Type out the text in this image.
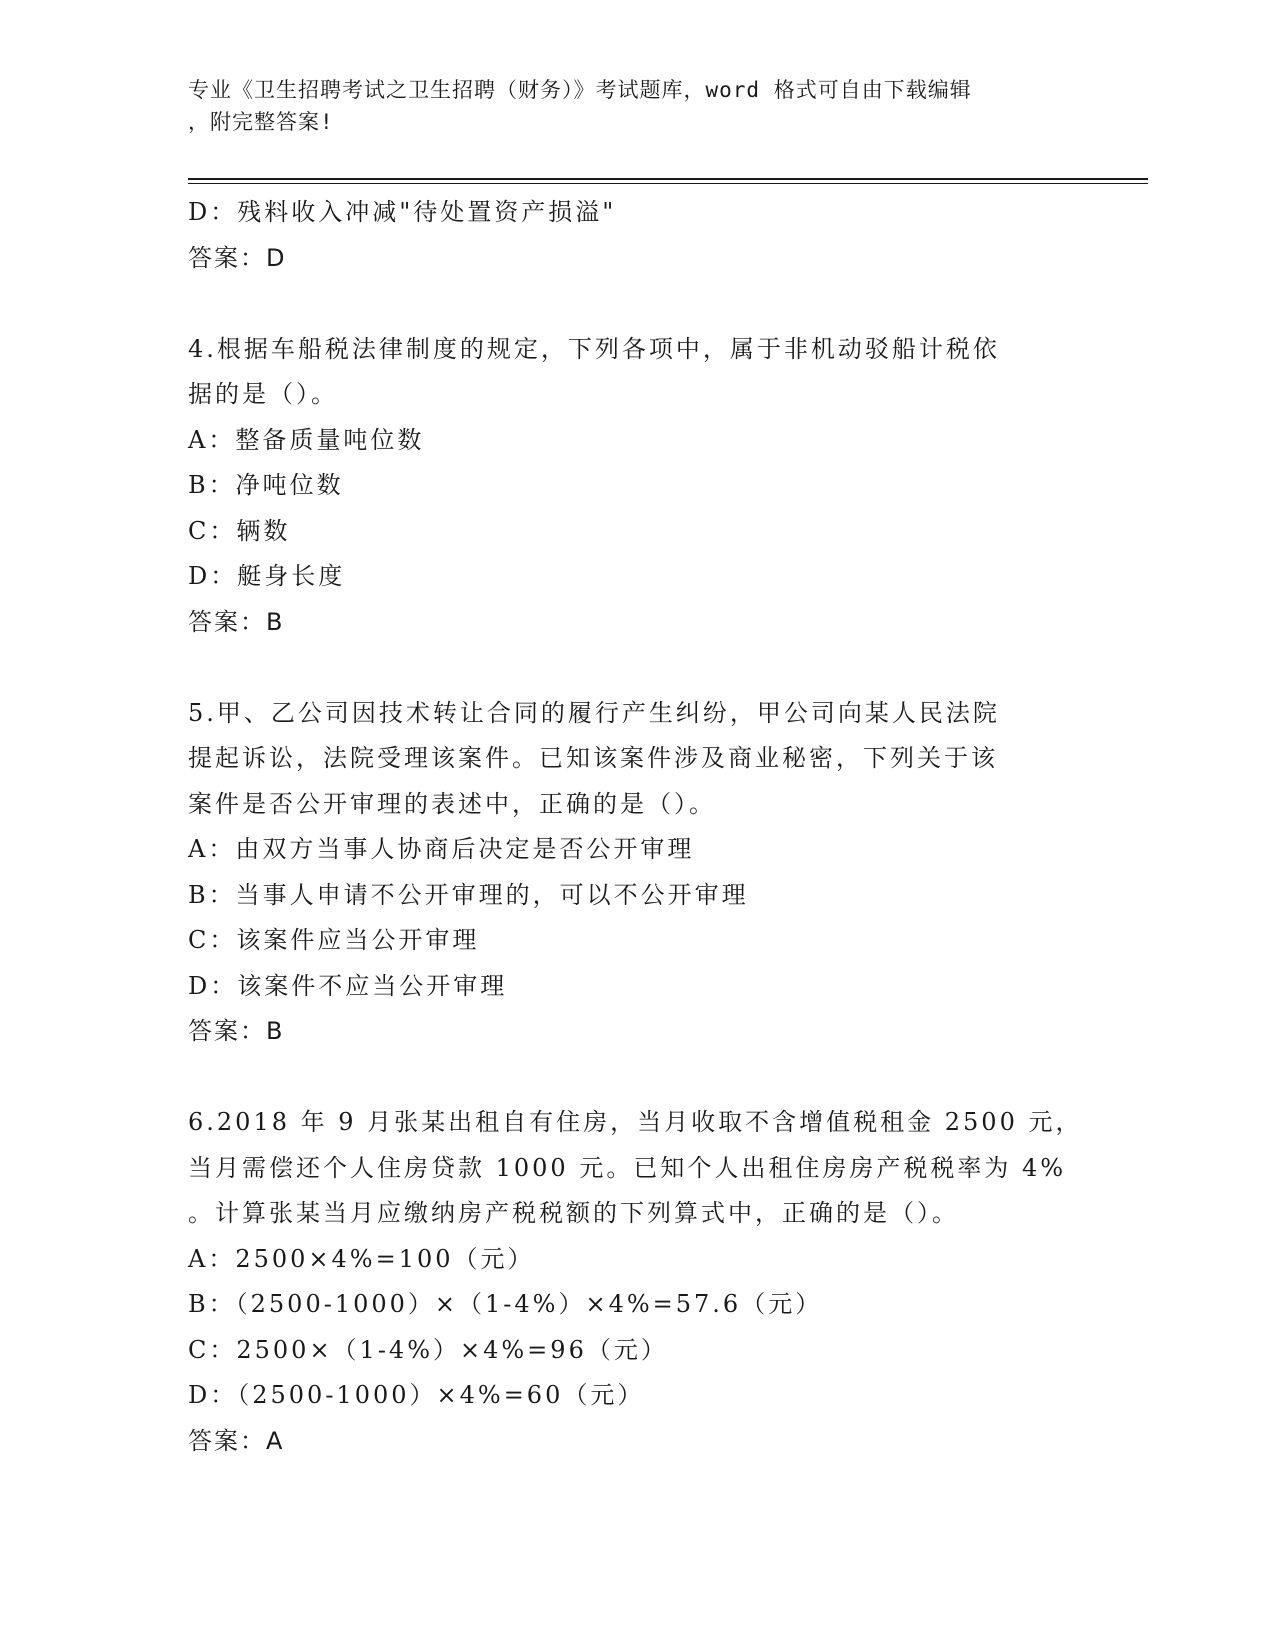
专业《卫生招聘考试之卫生招聘（财务）》考试题库，word 格式可自由下载编辑
，附完整答案!
D：残料收入冲减"待处置资产损溢"
答案：D
4.根据车船税法律制度的规定，下列各项中，属于非机动驳船计税依
据的是（）。
A：整备质量吨位数
B：净吨位数
C：辆数
D：艇身长度
答案：B
5.甲、乙公司因技术转让合同的履行产生纠纷，甲公司向某人民法院
提起诉讼，法院受理该案件。已知该案件涉及商业秘密，下列关于该
案件是否公开审理的表述中，正确的是（）。
A：由双方当事人协商后决定是否公开审理
B：当事人申请不公开审理的，可以不公开审理
C：该案件应当公开审理
D：该案件不应当公开审理
答案：B
6.2018 年 9 月张某出租自有住房，当月收取不含增值税租金 2500 元，
当月需偿还个人住房贷款 1000 元。已知个人出租住房房产税税率为 4%
。计算张某当月应缴纳房产税税额的下列算式中，正确的是（）。
A：2500×4%=100（元）
B：（2500-1000）×（1-4%）×4%=57.6（元）
C：2500×（1-4%）×4%=96（元）
D：（2500-1000）×4%=60（元）
答案：A
